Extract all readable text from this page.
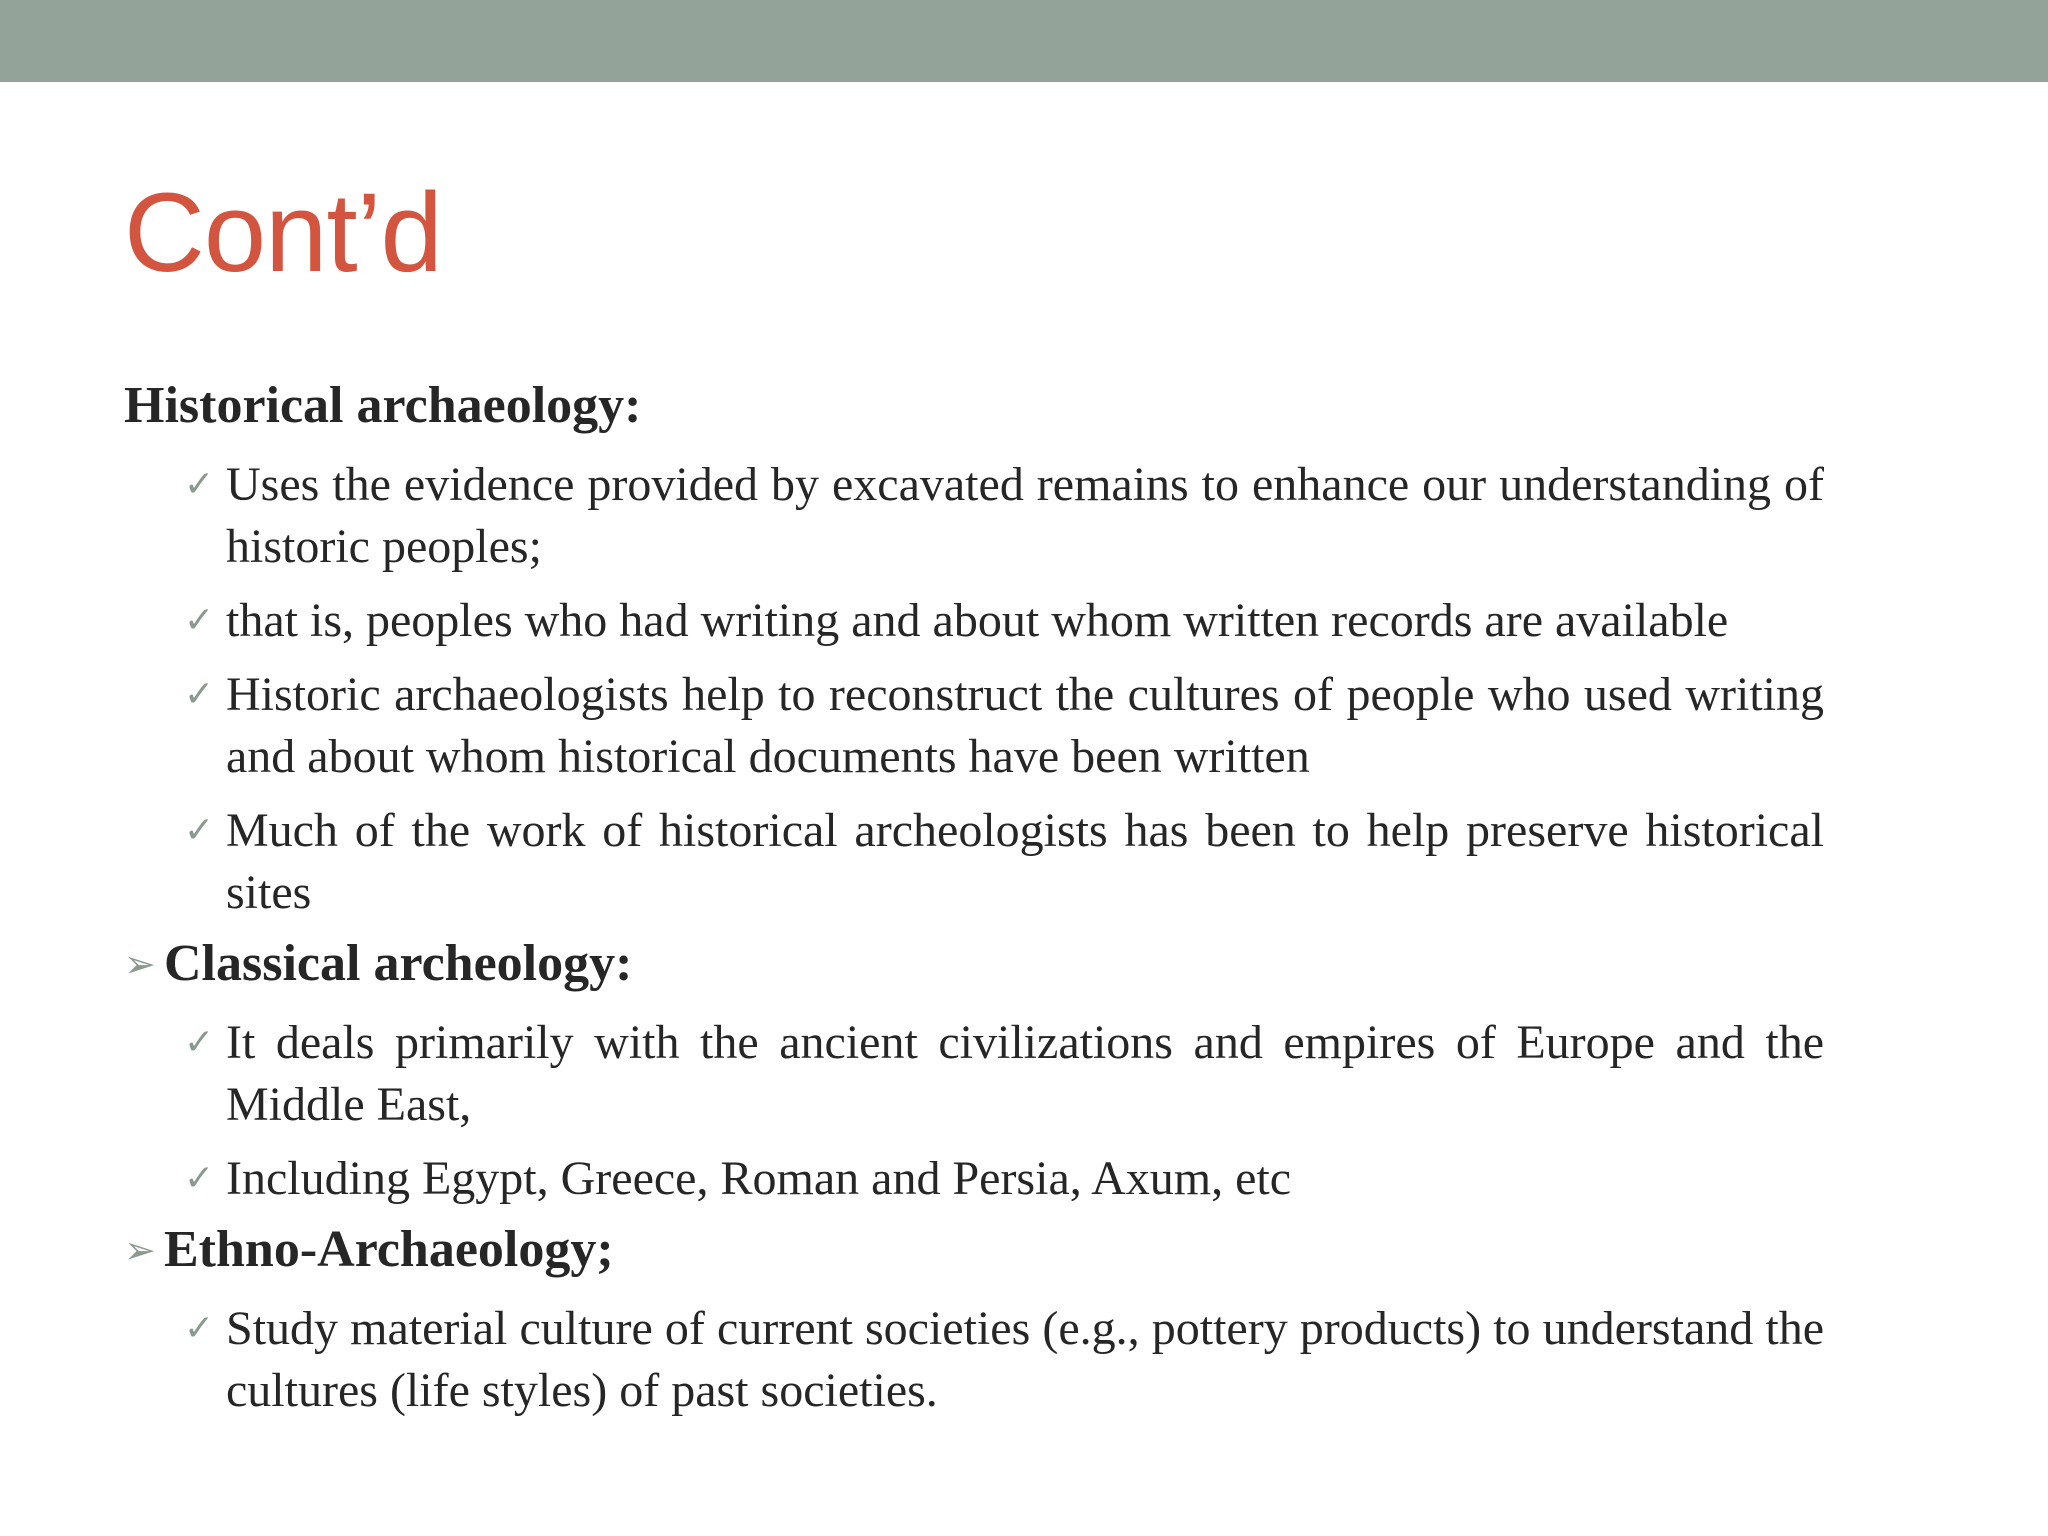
Cont’d
Historical archaeology:
✓ Uses the evidence provided by excavated remains to enhance our understanding of historic peoples;
✓ that is, peoples who had writing and about whom written records are available
✓ Historic archaeologists help to reconstruct the cultures of people who used writing and about whom historical documents have been written
✓ Much of the work of historical archeologists has been to help preserve historical sites
➢ Classical archeology:
✓ It deals primarily with the ancient civilizations and empires of Europe and the Middle East,
✓ Including Egypt, Greece, Roman and Persia, Axum, etc
➢ Ethno-Archaeology;
✓ Study material culture of current societies (e.g., pottery products) to understand the cultures (life styles) of past societies.
